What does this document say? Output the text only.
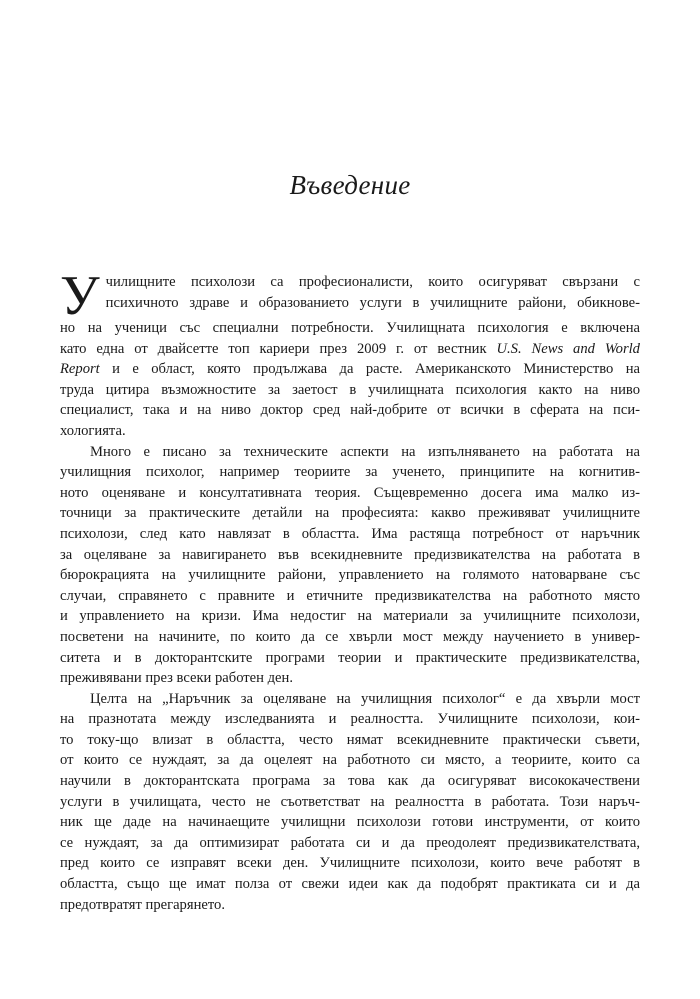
Въведение
У чилищните психолози са професионалисти, които осигуряват свързани с
психичното здраве и образованието услуги в училищните райони, обикнове-
но на ученици със специални потребности. Училищната психология е включена
като една от двайсетте топ кариери през 2009 г. от вестник U.S. News and World
Report и е област, която продължава да расте. Американското Министерство на
труда цитира възможностите за заетост в училищната психология както на ниво
специалист, така и на ниво доктор сред най-добрите от всички в сферата на пси-
хологията.
Много е писано за техническите аспекти на изпълняването на работата на
училищния психолог, например теориите за ученето, принципите на когнитив-
ното оценяване и консултативната теория. Същевременно досега има малко из-
точници за практическите детайли на професията: какво преживяват училищните
психолози, след като навлязат в областта. Има растяща потребност от наръчник
за оцеляване за навигирането във всекидневните предизвикателства на работата в
бюрокрацията на училищните райони, управлението на голямото натоварване със
случаи, справянето с правните и етичните предизвикателства на работното място
и управлението на кризи. Има недостиг на материали за училищните психолози,
посветени на начините, по които да се хвърли мост между научението в универ-
ситета и в докторантските програми теории и практическите предизвикателства,
преживявани през всеки работен ден.
Целта на „Наръчник за оцеляване на училищния психолог“ е да хвърли мост
на празнотата между изследванията и реалността. Училищните психолози, кои-
то току-що влизат в областта, често нямат всекидневните практически съвети,
от които се нуждаят, за да оцелеят на работното си място, а теориите, които са
научили в докторантската програма за това как да осигуряват висококачествени
услуги в училищата, често не съответстват на реалността в работата. Този наръч-
ник ще даде на начинаещите училищни психолози готови инструменти, от които
се нуждаят, за да оптимизират работата си и да преодолеят предизвикателствата,
пред които се изправят всеки ден. Училищните психолози, които вече работят в
областта, също ще имат полза от свежи идеи как да подобрят практиката си и да
предотвратят прегарянето.
